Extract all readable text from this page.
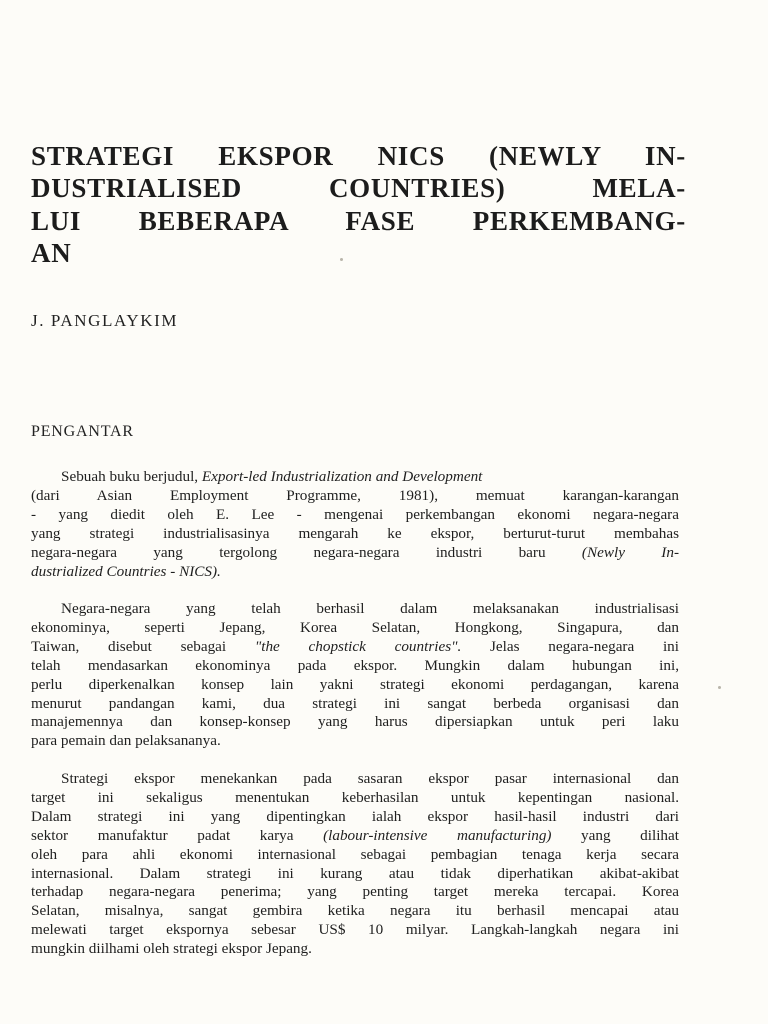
STRATEGI EKSPOR NICS (NEWLY IN-
DUSTRIALISED COUNTRIES) MELA-
LUI BEBERAPA FASE PERKEMBANG-
AN
J. PANGLAYKIM
PENGANTAR
Sebuah buku berjudul, Export-led Industrialization and Development
(dari Asian Employment Programme, 1981), memuat karangan-karangan
- yang diedit oleh E. Lee - mengenai perkembangan ekonomi negara-negara
yang strategi industrialisasinya mengarah ke ekspor, berturut-turut membahas
negara-negara yang tergolong negara-negara industri baru (Newly In-
dustrialized Countries - NICS).
Negara-negara yang telah berhasil dalam melaksanakan industrialisasi
ekonominya, seperti Jepang, Korea Selatan, Hongkong, Singapura, dan
Taiwan, disebut sebagai "the chopstick countries". Jelas negara-negara ini
telah mendasarkan ekonominya pada ekspor. Mungkin dalam hubungan ini,
perlu diperkenalkan konsep lain yakni strategi ekonomi perdagangan, karena
menurut pandangan kami, dua strategi ini sangat berbeda organisasi dan
manajemennya dan konsep-konsep yang harus dipersiapkan untuk peri laku
para pemain dan pelaksananya.
Strategi ekspor menekankan pada sasaran ekspor pasar internasional dan
target ini sekaligus menentukan keberhasilan untuk kepentingan nasional.
Dalam strategi ini yang dipentingkan ialah ekspor hasil-hasil industri dari
sektor manufaktur padat karya (labour-intensive manufacturing) yang dilihat
oleh para ahli ekonomi internasional sebagai pembagian tenaga kerja secara
internasional. Dalam strategi ini kurang atau tidak diperhatikan akibat-akibat
terhadap negara-negara penerima; yang penting target mereka tercapai. Korea
Selatan, misalnya, sangat gembira ketika negara itu berhasil mencapai atau
melewati target ekspornya sebesar US$ 10 milyar. Langkah-langkah negara ini
mungkin diilhami oleh strategi ekspor Jepang.
